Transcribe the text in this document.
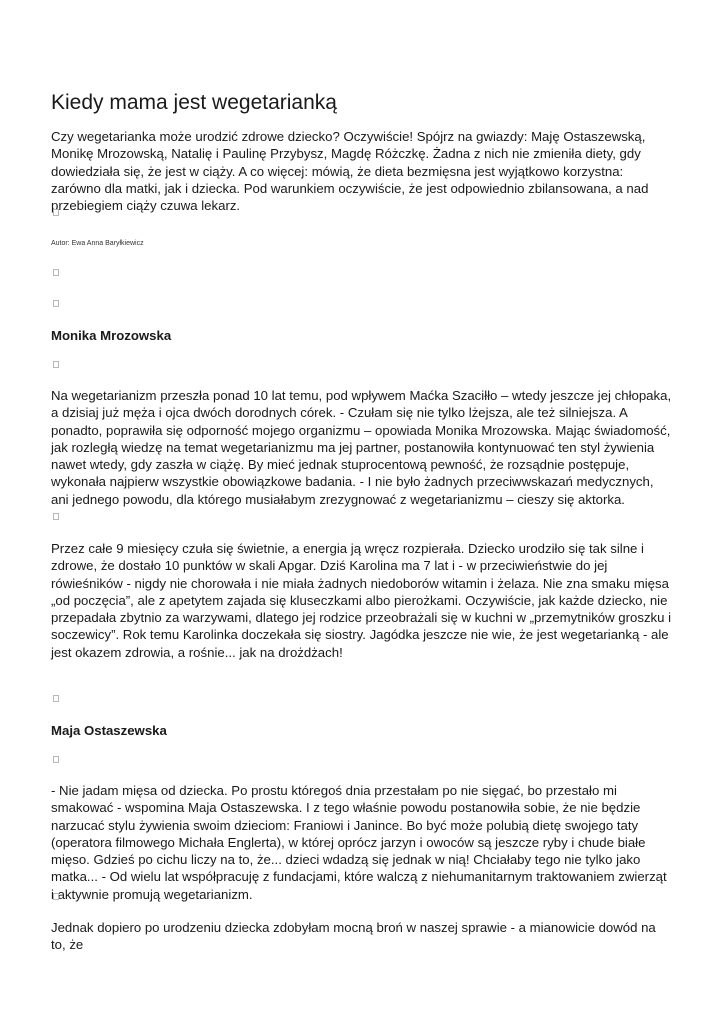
Kiedy mama jest wegetarianką

Czy wegetarianka może urodzić zdrowe dziecko? Oczywiście! Spójrz na gwiazdy: Maję Ostaszewską, Monikę Mrozowską, Natalię i Paulinę Przybysz, Magdę Różczkę. Żadna z nich nie zmieniła diety, gdy dowiedziała się, że jest w ciąży. A co więcej: mówią, że dieta bezmięsna jest wyjątkowo korzystna: zarówno dla matki, jak i dziecka. Pod warunkiem oczywiście, że jest odpowiednio zbilansowana, a nad przebiegiem ciąży czuwa lekarz.

Autor: Ewa Anna Baryłkiewicz
Monika Mrozowska

Na wegetarianizm przeszła ponad 10 lat temu, pod wpływem Maćka Szaciłło – wtedy jeszcze jej chłopaka, a dzisiaj już męża i ojca dwóch dorodnych córek. - Czułam się nie tylko lżejsza, ale też silniejsza. A ponadto, poprawiła się odporność mojego organizmu – opowiada Monika Mrozowska. Mając świadomość, jak rozległą wiedzę na temat wegetarianizmu ma jej partner, postanowiła kontynuować ten styl żywienia nawet wtedy, gdy zaszła w ciążę. By mieć jednak stuprocentową pewność, że rozsądnie postępuje, wykonała najpierw wszystkie obowiązkowe badania. - I nie było żadnych przeciwwskazań medycznych, ani jednego powodu, dla którego musiałabym zrezygnować z wegetarianizmu – cieszy się aktorka.

Przez całe 9 miesięcy czuła się świetnie, a energia ją wręcz rozpierała. Dziecko urodziło się tak silne i zdrowe, że dostało 10 punktów w skali Apgar. Dziś Karolina ma 7 lat i - w przeciwieństwie do jej rówieśników - nigdy nie chorowała i nie miała żadnych niedoborów witamin i żelaza. Nie zna smaku mięsa „od poczęcia”, ale z apetytem zajada się kluseczkami albo pierożkami. Oczywiście, jak każde dziecko, nie przepadała zbytnio za warzywami, dlatego jej rodzice przeobrażali się w kuchni w „przemytników groszku i soczewicy”. Rok temu Karolinka doczekała się siostry. Jagódka jeszcze nie wie, że jest wegetarianką - ale jest okazem zdrowia, a rośnie... jak na drożdżach!

Maja Ostaszewska

- Nie jadam mięsa od dziecka. Po prostu któregoś dnia przestałam po nie sięgać, bo przestało mi smakować - wspomina Maja Ostaszewska. I z tego właśnie powodu postanowiła sobie, że nie będzie narzucać stylu żywienia swoim dzieciom: Franiowi i Janince. Bo być może polubią dietę swojego taty (operatora filmowego Michała Englerta), w której oprócz jarzyn i owoców są jeszcze ryby i chude białe mięso. Gdzieś po cichu liczy na to, że... dzieci wdadzą się jednak w nią! Chciałaby tego nie tylko jako matka... - Od wielu lat współpracuję z fundacjami, które walczą z niehumanitarnym traktowaniem zwierząt i aktywnie promują wegetarianizm.

Jednak dopiero po urodzeniu dziecka zdobyłam mocną broń w naszej sprawie - a mianowicie dowód na to, że
